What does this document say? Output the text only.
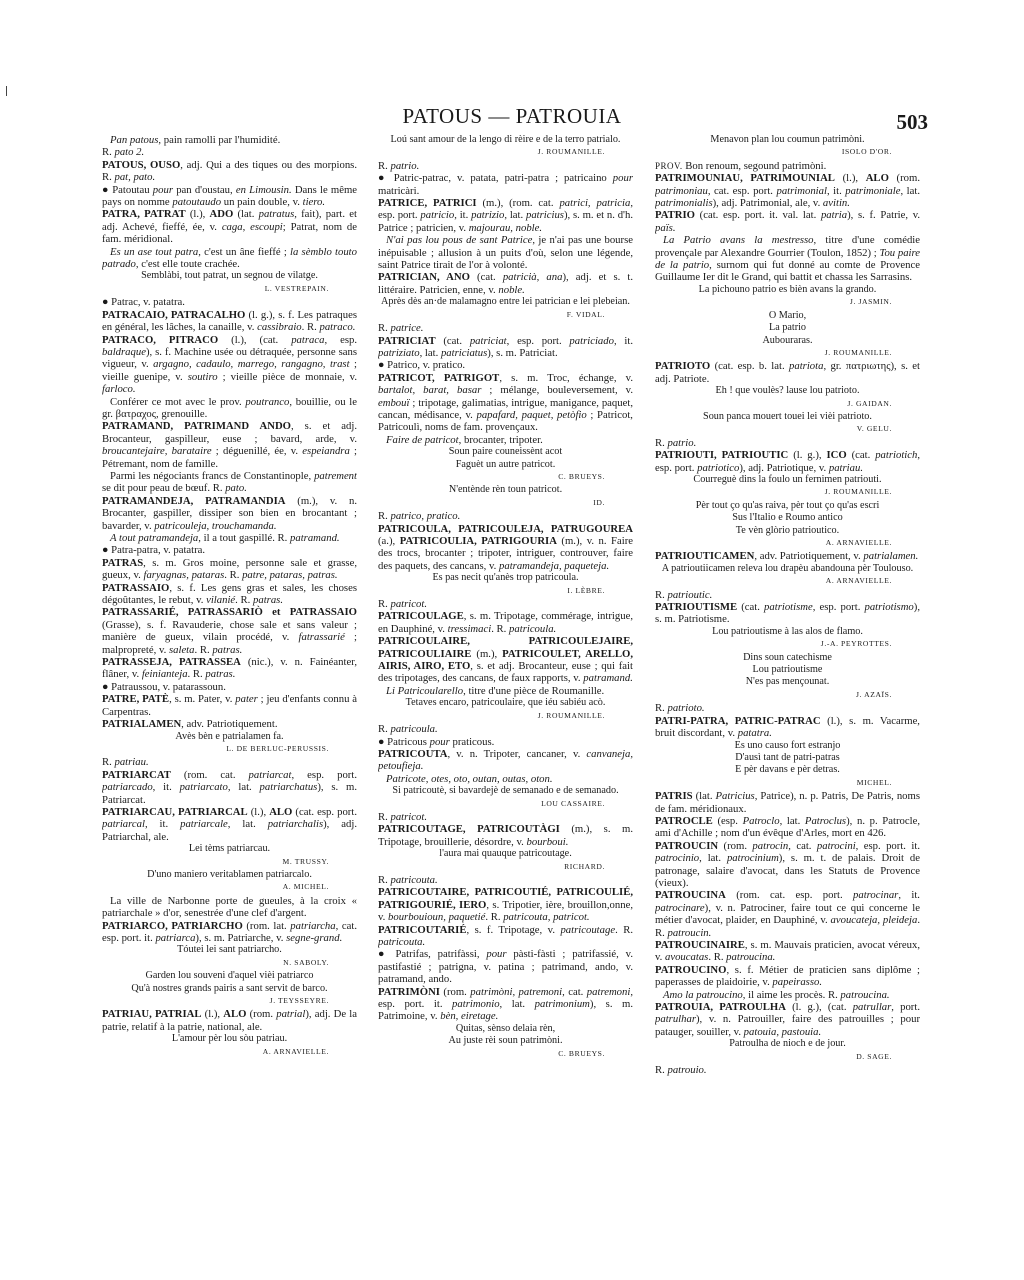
PATOUS — PATROUIA	503

Pan patous, pain ramolli par l'humidité.

R. pato 2.

PATOUS, OUSO, adj. Qui a des tiques ou des morpions. R. pat, pato.

● Patoutau pour pan d'oustau, en Limousin. Dans le même pays on nomme patoutaudo un pain double, v. tiero.

PATRA, PATRAT (l.), ADO (lat. patratus, fait), part. et adj. Achevé, fieffé, ée, v. caga, escoupi; Patrat, nom de fam. méridional.

Es un ase tout patra, c'est un âne fieffé ; la sèmblo touto patrado, c'est elle toute crachée.

Semblàbi, tout patrat, un segnou de vilatge.

L. VESTREPAIN.

● Patrac, v. patatra.

PATRACAIO, PATRACALHO (l. g.), s. f. Les patraques en général, les lâches, la canaille, v. cassibraio. R. patraco.

PATRACO, PITRACO (l.), (cat. patraca, esp. baldraque), s. f. Machine usée ou détraquée, personne sans vigueur, v. argagno, cadaulo, marrego, rangagno, trast ; vieille guenipe, v. soutiro ; vieille pièce de monnaie, v. farloco.

Conférer ce mot avec le prov. poutranco, bouillie, ou le gr. βατραχος, grenouille.

PATRAMAND, PATRIMAND ANDO, s. et adj. Brocanteur, gaspilleur, euse ; bavard, arde, v. broucantejaire, barataire ; déguenillé, ée, v. espeiandra ; Pétremant, nom de famille.

Parmi les négociants francs de Constantinople, patrement se dit pour peau de bœuf. R. pato.

PATRAMANDEJA, PATRAMANDIA (m.), v. n. Brocanter, gaspiller, dissiper son bien en brocantant ; bavarder, v. patricouleja, trouchamanda.

A tout patramandeja, il a tout gaspillé. R. patramand.

● Patra-patra, v. patatra.

PATRAS, s. m. Gros moine, personne sale et grasse, gueux, v. faryagnas, pataras. R. patre, pataras, patras.

PATRASSAIO, s. f. Les gens gras et sales, les choses dégoûtantes, le rebut, v. vilanié. R. patras.

PATRASSARIÉ, PATRASSARIÒ et PATRASSAIO (Grasse), s. f. Ravauderie, chose sale et sans valeur ; manière de gueux, vilain procédé, v. fatrassarié ; malpropreté, v. saleta. R. patras.

PATRASSEJA, PATRASSEA (nic.), v. n. Fainéanter, flâner, v. feiniantejа. R. patras.

● Patraussou, v. patarassoun.

PATRE, PATÈ, s. m. Pater, v. pater ; jeu d'enfants connu à Carpentras.

PATRIALAMEN, adv. Patriotiquement.

Avès bèn e patrialamen fa.

L. DE BERLUC-PERUSSIS.

R. patriau.

PATRIARCAT (rom. cat. patriarcat, esp. port. patriarcado, it. patriarcato, lat. patriarchatus), s. m. Patriarcat.

PATRIARCAU, PATRIARCAL (l.), ALO (cat. esp. port. patriarcal, it. patriarcale, lat. patriarchalis), adj. Patriarchal, ale.

Lei tèms patriarcau.

M. TRUSSY.

D'uno maniero veritablamen patriarcalo.

A. MICHEL.

La ville de Narbonne porte de gueules, à la croix « patriarchale » d'or, senestrée d'une clef d'argent.

PATRIARCO, PATRIARCHO (rom. lat. patriarcha, cat. esp. port. it. patriarca), s. m. Patriarche, v. segne-grand.

Tóutei lei sant patriarcho.

N. SABOLY.

Garden lou souveni d'aquel vièi patriarco

Qu'à nostres grands pairis a sant servit de barco.

J. TEYSSEYRE.

PATRIAU, PATRIAL (l.), ALO (rom. patrial), adj. De la patrie, relatif à la patrie, national, ale.

L'amour pèr lou sòu patriau.

A. ARNAVIELLE.

Loú sant amour de la lengo di rèire e de la terro patrialo.

J. ROUMANILLE.

R. patrio.

● Patric-patrac, v. patata, patri-patra ; patricaino pour matricàri.

PATRICE, PATRICI (m.), (rom. cat. patrici, patricia, esp. port. patricio, it. patrizio, lat. patricius), s. m. et n. d'h. Patrice ; patricien, v. majourau, noble.

N'ai pas lou pous de sant Patrice, je n'ai pas une bourse inépuisable ; allusion à un puits d'où, selon une légende, saint Patrice tirait de l'or à volonté.

PATRICIAN, ANO (cat. patricià, ana), adj. et s. t. littéraire. Patricien, enne, v. noble.

Après dès an·de malamagno entre lei patrician e lei plebeian.

F. VIDAL.

R. patrice.

PATRICIAT (cat. patriciat, esp. port. patriciado, it. patriziato, lat. patriciatus), s. m. Patriciat.

● Patrico, v. pratico.

PATRICOT, PATRIGOT, s. m. Troc, échange, v. bartalot, barat, basar ; mélange, bouleversement, v. embouï ; tripotage, galimatias, intrigue, manigance, paquet, cancan, médisance, v. papafard, paquet, petòfio ; Patricot, Patricoulì, noms de fam. provençaux.

Faire de patricot, brocanter, tripoter.

Soun paire couneissènt acot

Faguèt un autre patricot.

C. BRUEYS.

N'entènde rèn toun patricot.

ID.

R. patrico, pratico.

PATRICOULA, PATRICOULEJA, PATRUGOUREA (a.), PATRICOULIA, PATRIGOURIA (m.), v. n. Faire des trocs, brocanter ; tripoter, intriguer, controuver, faire des paquets, des cancans, v. patramandeja, paqueteja.

Es pas necit qu'anès trop patricoula.

I. LÈBRE.

R. patricot.

PATRICOULAGE, s. m. Tripotage, commérage, intrigue, en Dauphiné, v. tressimaci. R. patricoula.

PATRICOULAIRE, PATRICOULEJAIRE, PATRICOULIAIRE (m.), PATRICOULET, ARELLO, AIRIS, AIRO, ETO, s. et adj. Brocanteur, euse ; qui fait des tripotages, des cancans, de faux rapports, v. patramand.

Li Patricoularello, titre d'une pièce de Roumanille.

Tetaves encaro, patricoulaire, que iéu sabiéu acò.

J. ROUMANILLE.

R. patricoula.

● Patricous pour praticous.

PATRICOUTA, v. n. Tripoter, cancaner, v. canvaneja, petoufieja.

Patricote, otes, oto, outan, outas, oton.

Si patricoutè, si bavardejè de semanado e de semanado.

LOU CASSAIRE.

R. patricot.

PATRICOUTAGE, PATRICOUTÀGI (m.), s. m. Tripotage, brouillerie, désordre, v. bourboui.

l'aura mai quauque patricoutage.

RICHARD.

R. patricouta.

PATRICOUTAIRE, PATRICOUTIÉ, PATRICOULIÉ, PATRIGOURIÉ, IERO, s. Tripotier, ière, brouillon,onne, v. bourbouioun, paquetié. R. patricouta, patricot.

PATRICOUTARIÉ, s. f. Tripotage, v. patricoutage. R. patricouta.

● Patrifas, patrifàssi, pour pàsti-fàsti ; patrifassié, v. pastifastié ; patrigna, v. patina ; patrimand, ando, v. patramand, ando.

PATRIMÒNI (rom. patrimòni, patremoni, cat. patremoni, esp. port. it. patrimonio, lat. patrimonium), s. m. Patrimoine, v. bèn, eiretage.

Quitas, sènso delaia rèn,

Au juste rèi soun patrimòni.

C. BRUEYS.

Menavon plan lou coumun patrimòni.

ISOLO D'OR.

PROV. Bon renoum, segound patrimòni.

PATRIMOUNIAU, PATRIMOUNIAL (l.), ALO (rom. patrimoniau, cat. esp. port. patrimonial, it. patrimoniale, lat. patrimonialis), adj. Patrimonial, ale, v. avitin.

PATRIO (cat. esp. port. it. val. lat. patria), s. f. Patrie, v. païs.

La Patrio avans la mestresso, titre d'une comédie provençale par Alexandre Gourrier (Toulon, 1852) ; Tou paire de la patrio, surnom qui fut donné au comte de Provence Guillaume Ier dit le Grand, qui battit et chassa les Sarrasins.

La pichouno patrio es bièn avans la grando.

J. JASMIN.

O Mario,

La patrio

Aubouraras.

J. ROUMANILLE.

PATRIOTO (cat. esp. b. lat. patriota, gr. πατριωτης), s. et adj. Patriote.

Eh ! que voulès? lause lou patrioto.

J. GAIDAN.

Soun panca mouert touei lei vièi patrioto.

V. GELU.

R. patrio.

PATRIOUTI, PATRIOUTIC (l. g.), ICO (cat. patriotich, esp. port. patriotico), adj. Patriotique, v. patriau.

Courreguè dins la foulo un fernimen patriouti.

J. ROUMANILLE.

Pèr tout ço qu'as raiva, pèr tout ço qu'as escri

Sus l'Italio e Roumo antico

Te vèn glòrio patrioutico.

A. ARNAVIELLE.

PATRIOUTICAMEN, adv. Patriotiquement, v. patrialamen.

A patrioutiicamen releva lou drapèu abandouna pèr Toulouso.

A. ARNAVIELLE.

R. patrioutic.

PATRIOUTISME (cat. patriotisme, esp. port. patriotismo), s. m. Patriotisme.

Lou patrioutisme à las alos de flamo.

J.-A. PEYROTTES.

Dins soun catechisme

Lou patrioutisme

N'es pas mençounat.

J. AZAÏS.

R. patrioto.

PATRI-PATRA, PATRIC-PATRAC (l.), s. m. Vacarme, bruit discordant, v. patatra.

Es uno causo fort estranjo

D'ausì tant de patri-patras

E pèr davans e pèr detras.

MICHEL.

PATRIS (lat. Patricius, Patrice), n. p. Patris, De Patris, noms de fam. méridionaux.

PATROCLE (esp. Patroclo, lat. Patroclus), n. p. Patrocle, ami d'Achille ; nom d'un évêque d'Arles, mort en 426.

PATROUCIN (rom. patrocin, cat. patrocini, esp. port. it. patrocinio, lat. patrocinium), s. m. t. de palais. Droit de patronage, salaire d'avocat, dans les Statuts de Provence (vieux).

PATROUCINA (rom. cat. esp. port. patrocinar, it. patrocinare), v. n. Patrociner, faire tout ce qui concerne le métier d'avocat, plaider, en Dauphiné, v. avoucateja, pleideja. R. patroucin.

PATROUCINAIRE, s. m. Mauvais praticien, avocat véreux, v. avoucatas. R. patroucina.

PATROUCINO, s. f. Métier de praticien sans diplôme ; paperasses de plaidoirie, v. papeirasso.

Amo la patroucino, il aime les procès. R. patroucina.

PATROUIA, PATROULHA (l. g.), (cat. patrullar, port. patrulhar), v. n. Patrouiller, faire des patrouilles ; pour patauger, souiller, v. patouia, pastouia.

Patroulha de nioch e de jour.

D. SAGE.

R. patrouio.
